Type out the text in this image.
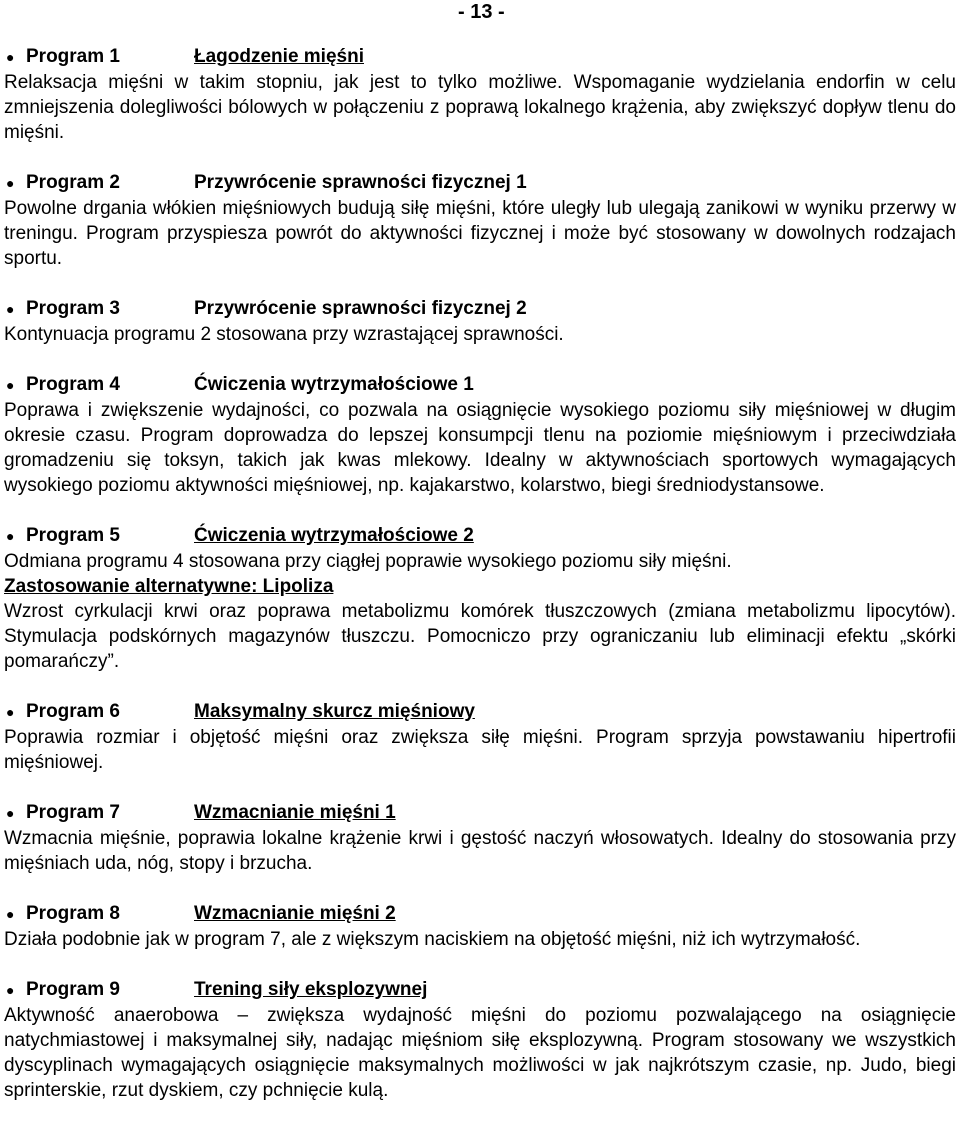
- 13 -
● Program 1	Łagodzenie mięśni

Relaksacja mięśni w takim stopniu, jak jest to tylko możliwe. Wspomaganie wydzielania endorfin w celu zmniejszenia dolegliwości bólowych w połączeniu z poprawą lokalnego krążenia, aby zwiększyć dopływ tlenu do mięśni.

● Program 2	Przywrócenie sprawności fizycznej 1

Powolne drgania włókien mięśniowych budują siłę mięśni, które uległy lub ulegają zanikowi w wyniku przerwy w treningu. Program przyspiesza powrót do aktywności fizycznej i może być stosowany w dowolnych rodzajach sportu.

● Program 3	Przywrócenie sprawności fizycznej 2

Kontynuacja programu 2 stosowana przy wzrastającej sprawności.

● Program 4	Ćwiczenia wytrzymałościowe 1

Poprawa i zwiększenie wydajności, co pozwala na osiągnięcie wysokiego poziomu siły mięśniowej w długim okresie czasu. Program doprowadza do lepszej konsumpcji tlenu na poziomie mięśniowym i przeciwdziała gromadzeniu się toksyn, takich jak kwas mlekowy. Idealny w aktywnościach sportowych wymagających wysokiego poziomu aktywności mięśniowej, np. kajakarstwo, kolarstwo, biegi średniodystansowe.

● Program 5	Ćwiczenia wytrzymałościowe 2

Odmiana programu 4 stosowana przy ciągłej poprawie wysokiego poziomu siły mięśni.

Zastosowanie alternatywne: Lipoliza

Wzrost cyrkulacji krwi oraz poprawa metabolizmu komórek tłuszczowych (zmiana metabolizmu lipocytów). Stymulacja podskórnych magazynów tłuszczu. Pomocniczo przy ograniczaniu lub eliminacji efektu „skórki pomarańczy”.

● Program 6	Maksymalny skurcz mięśniowy

Poprawia rozmiar i objętość mięśni oraz zwiększa siłę mięśni. Program sprzyja powstawaniu hipertrofii mięśniowej.

● Program 7	Wzmacnianie mięśni 1

Wzmacnia mięśnie, poprawia lokalne krążenie krwi i gęstość naczyń włosowatych. Idealny do stosowania przy mięśniach uda, nóg, stopy i brzucha.

● Program 8	Wzmacnianie mięśni 2

Działa podobnie jak w program 7, ale z większym naciskiem na objętość mięśni, niż ich wytrzymałość.

● Program 9	Trening siły eksplozywnej

Aktywność anaerobowa – zwiększa wydajność mięśni do poziomu pozwalającego na osiągnięcie natychmiastowej i maksymalnej siły, nadając mięśniom siłę eksplozywną. Program stosowany we wszystkich dyscyplinach wymagających osiągnięcie maksymalnych możliwości w jak najkrótszym czasie, np. Judo, biegi sprinterskie, rzut dyskiem, czy pchnięcie kulą.
